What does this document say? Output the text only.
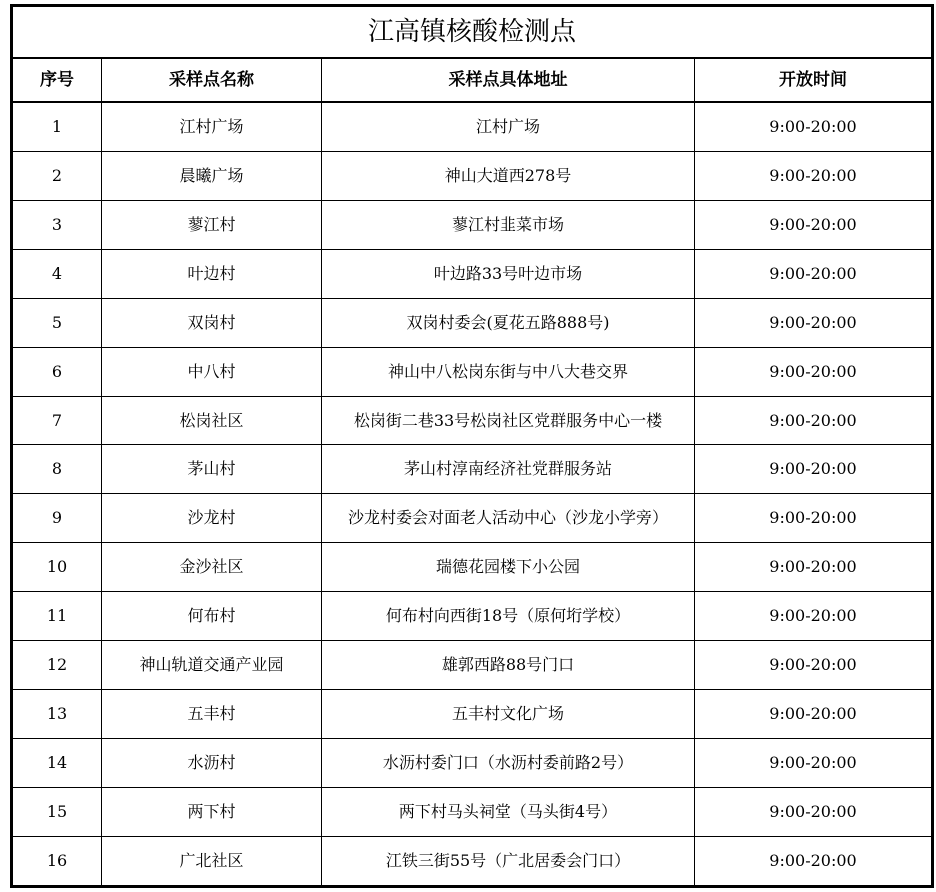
江高镇核酸检测点			
序号	采样点名称	采样点具体地址	开放时间
1	江村广场	江村广场	9:00-20:00
2	晨曦广场	神山大道西278号	9:00-20:00
3	蓼江村	蓼江村韭菜市场	9:00-20:00
4	叶边村	叶边路33号叶边市场	9:00-20:00
5	双岗村	双岗村委会(夏花五路888号)	9:00-20:00
6	中八村	神山中八松岗东街与中八大巷交界	9:00-20:00
7	松岗社区	松岗街二巷33号松岗社区党群服务中心一楼	9:00-20:00
8	茅山村	茅山村淳南经济社党群服务站	9:00-20:00
9	沙龙村	沙龙村委会对面老人活动中心（沙龙小学旁）	9:00-20:00
10	金沙社区	瑞德花园楼下小公园	9:00-20:00
11	何布村	何布村向西街18号（原何垳学校）	9:00-20:00
12	神山轨道交通产业园	雄郭西路88号门口	9:00-20:00
13	五丰村	五丰村文化广场	9:00-20:00
14	水沥村	水沥村委门口（水沥村委前路2号）	9:00-20:00
15	两下村	两下村马头祠堂（马头街4号）	9:00-20:00
16	广北社区	江铁三街55号（广北居委会门口）	9:00-20:00
